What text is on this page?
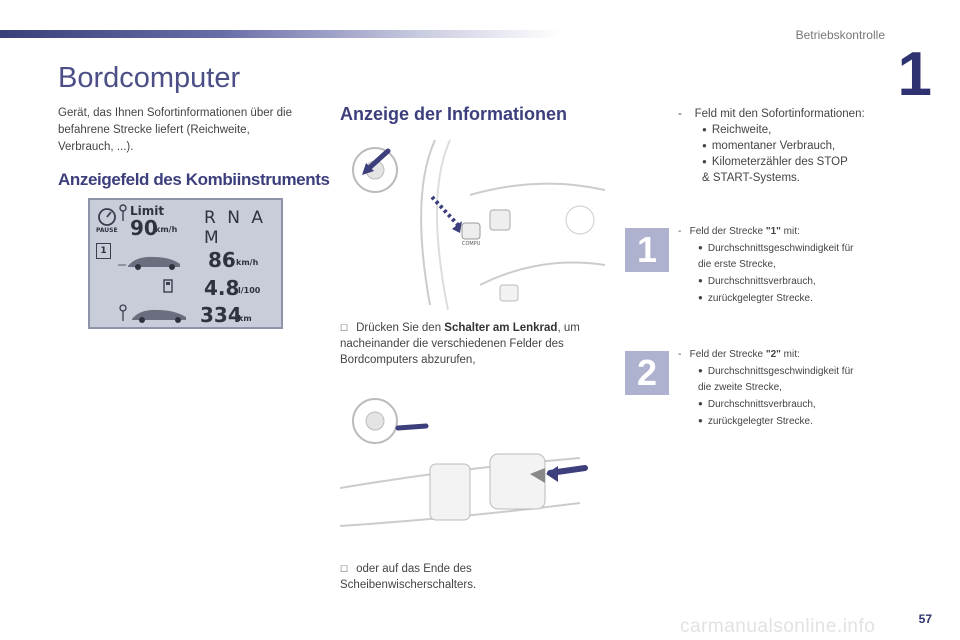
Betriebskontrolle
1
Bordcomputer
Gerät, das Ihnen Sofortinformationen über die befahrene Strecke liefert (Reichweite, Verbrauch, ...).
Anzeigefeld des Kombiinstruments
PAUSE
Limit
90
km/h
R N A M
1	86 km/h
4.8
l/100
334
km
Anzeige der Informationen
COMPU
☐ Drücken Sie den Schalter am Lenkrad, um nacheinander die verschiedenen Felder des Bordcomputers abzurufen,
☐ oder auf das Ende des Scheibenwischerschalters.
-    Feld mit den Sofortinformationen:
● Reichweite,
● momentaner Verbrauch,
● Kilometerzähler des STOP & START-Systems.
1	-   Feld der Strecke "1" mit:
● Durchschnittsgeschwindigkeit für die erste Strecke,
● Durchschnittsverbrauch,
● zurückgelegter Strecke.
2	-   Feld der Strecke "2" mit:
● Durchschnittsgeschwindigkeit für die zweite Strecke,
● Durchschnittsverbrauch,
● zurückgelegter Strecke.
carmanualsonline.info	57
